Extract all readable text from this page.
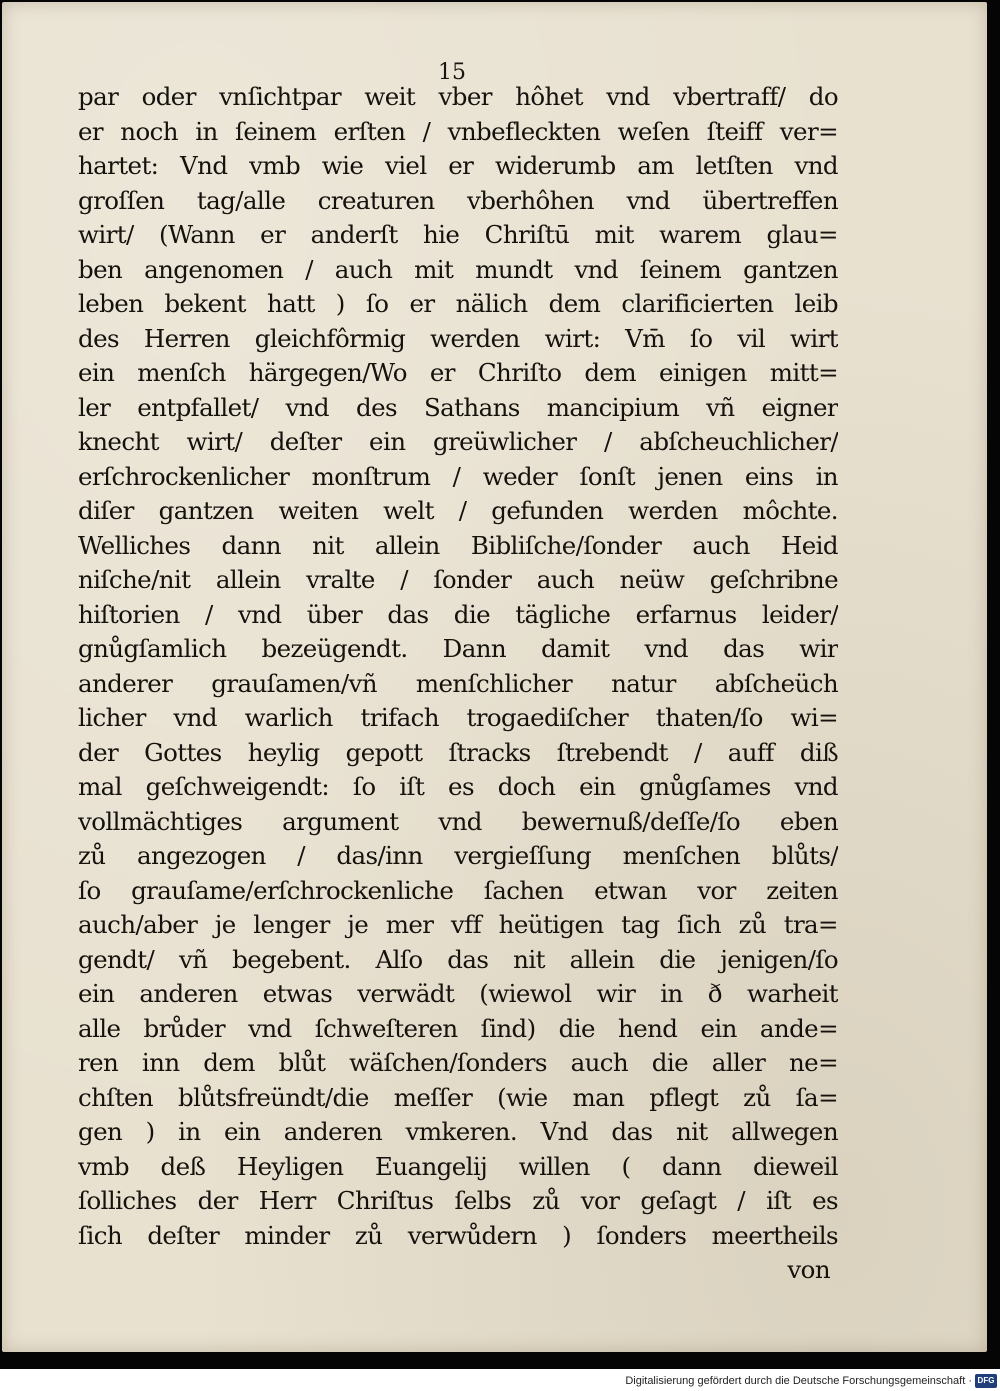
15

par oder vnſichtpar weit vber hôhet vnd vbertraff/ do
er noch in ſeinem erſten / vnbefleckten weſen ſteiff ver=
hartet: Vnd vmb wie viel er widerumb am letſten vnd
groſſen tag/alle creaturen vberhôhen vnd übertreffen
wirt/ (Wann er anderſt hie Chriſtū mit warem glau=
ben angenomen / auch mit mundt vnd ſeinem gantzen
leben bekent hatt ) ſo er nälich dem clarificierten leib
des Herren gleichfôrmig werden wirt: Vm̄ ſo vil wirt
ein menſch härgegen/Wo er Chriſto dem einigen mitt=
ler entpfallet/ vnd des Sathans mancipium vñ eigner
knecht wirt/ deſter ein greüwlicher / abſcheuchlicher/
erſchrockenlicher monſtrum / weder ſonſt jenen eins in
diſer gantzen weiten welt / gefunden werden môchte.
Welliches dann nit allein Bibliſche/ſonder auch Heid
niſche/nit allein vralte / ſonder auch neüw geſchribne
hiſtorien / vnd über das die tägliche erfarnus leider/
gnůgſamlich bezeügendt. Dann damit vnd das wir
anderer grauſamen/vñ menſchlicher natur abſcheüch
licher vnd warlich trifach trogaediſcher thaten/ſo wi=
der Gottes heylig gepott ſtracks ſtrebendt / auff diß
mal geſchweigendt: ſo iſt es doch ein gnůgſames vnd
vollmächtiges argument vnd bewernuß/deſſe/ſo eben
zů angezogen / das/inn vergieſſung menſchen blůts/
ſo grauſame/erſchrockenliche ſachen etwan vor zeiten
auch/aber je lenger je mer vff heütigen tag ſich zů tra=
gendt/ vñ begebent. Alſo das nit allein die jenigen/ſo
ein anderen etwas verwädt (wiewol wir in ð warheit
alle brůder vnd ſchweſteren ſind) die hend ein ande=
ren inn dem blůt wäſchen/ſonders auch die aller ne=
chſten blůtsfreündt/die meſſer (wie man pflegt zů ſa=
gen ) in ein anderen vmkeren. Vnd das nit allwegen
vmb deß Heyligen Euangelij willen ( dann dieweil
ſolliches der Herr Chriſtus ſelbs zů vor geſagt / iſt es
ſich deſter minder zů verwůdern ) ſonders meertheils
von
Digitalisierung gefördert durch die Deutsche Forschungsgemeinschaft · DFG
